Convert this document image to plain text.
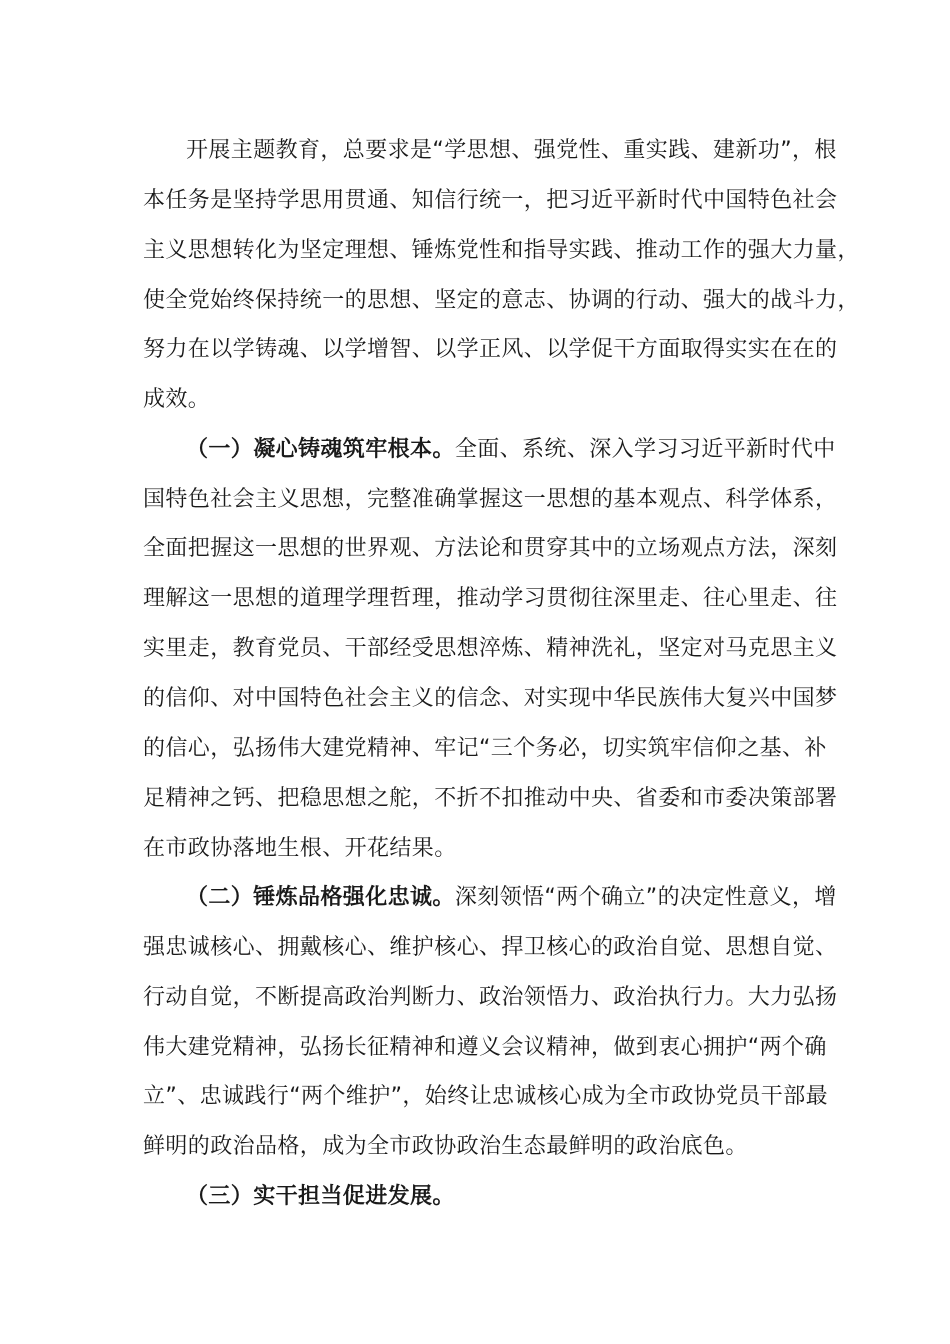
开展主题教育，总要求是“学思想、强党性、重实践、建新功”，根
本任务是坚持学思用贯通、知信行统一，把习近平新时代中国特色社会
主义思想转化为坚定理想、锤炼党性和指导实践、推动工作的强大力量，
使全党始终保持统一的思想、坚定的意志、协调的行动、强大的战斗力，
努力在以学铸魂、以学增智、以学正风、以学促干方面取得实实在在的
成效。
（一）凝心铸魂筑牢根本。全面、系统、深入学习习近平新时代中
国特色社会主义思想，完整准确掌握这一思想的基本观点、科学体系，
全面把握这一思想的世界观、方法论和贯穿其中的立场观点方法，深刻
理解这一思想的道理学理哲理，推动学习贯彻往深里走、往心里走、往
实里走，教育党员、干部经受思想淬炼、精神洗礼，坚定对马克思主义
的信仰、对中国特色社会主义的信念、对实现中华民族伟大复兴中国梦
的信心，弘扬伟大建党精神、牢记“三个务必，切实筑牢信仰之基、补
足精神之钙、把稳思想之舵，不折不扣推动中央、省委和市委决策部署
在市政协落地生根、开花结果。
（二）锤炼品格强化忠诚。深刻领悟“两个确立”的决定性意义，增
强忠诚核心、拥戴核心、维护核心、捍卫核心的政治自觉、思想自觉、
行动自觉，不断提高政治判断力、政治领悟力、政治执行力。大力弘扬
伟大建党精神，弘扬长征精神和遵义会议精神，做到衷心拥护“两个确
立”、忠诚践行“两个维护”，始终让忠诚核心成为全市政协党员干部最
鲜明的政治品格，成为全市政协政治生态最鲜明的政治底色。
（三）实干担当促进发展。
